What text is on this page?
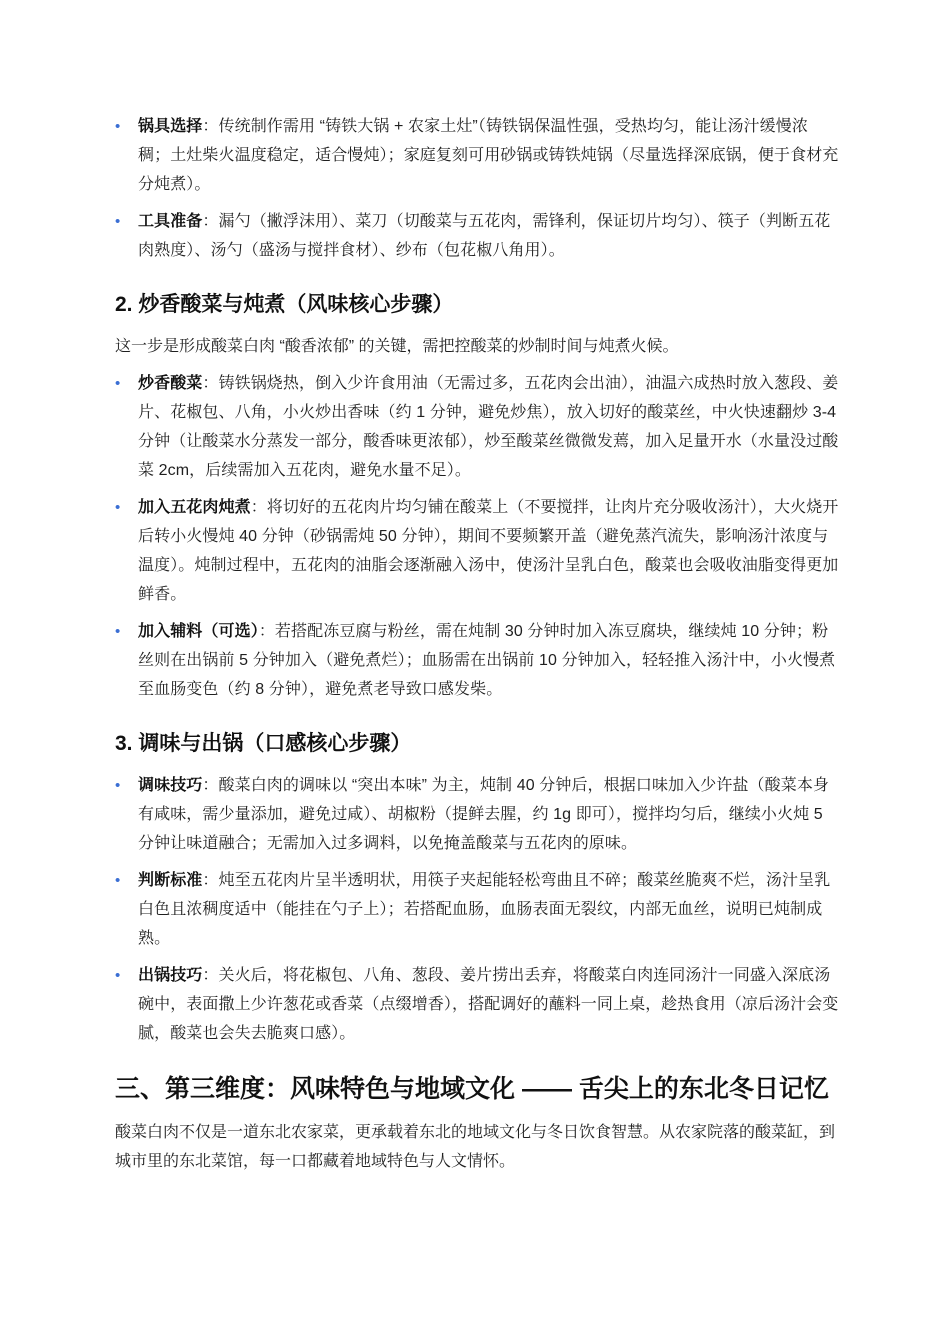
• 锅具选择：传统制作需用 “铸铁大锅 + 农家土灶”（铸铁锅保温性强，受热均匀，能让汤汁缓慢浓稠；土灶柴火温度稳定，适合慢炖）；家庭复刻可用砂锅或铸铁炖锅（尽量选择深底锅，便于食材充分炖煮）。
• 工具准备：漏勺（撇浮沫用）、菜刀（切酸菜与五花肉，需锋利，保证切片均匀）、筷子（判断五花肉熟度）、汤勺（盛汤与搅拌食材）、纱布（包花椒八角用）。
2. 炒香酸菜与炖煮（风味核心步骤）

这一步是形成酸菜白肉 “酸香浓郁” 的关键，需把控酸菜的炒制时间与炖煮火候。

• 炒香酸菜：铸铁锅烧热，倒入少许食用油（无需过多，五花肉会出油），油温六成热时放入葱段、姜片、花椒包、八角，小火炒出香味（约 1 分钟，避免炒焦），放入切好的酸菜丝，中火快速翻炒 3-4 分钟（让酸菜水分蒸发一部分，酸香味更浓郁），炒至酸菜丝微微发蔫，加入足量开水（水量没过酸菜 2cm，后续需加入五花肉，避免水量不足）。
• 加入五花肉炖煮：将切好的五花肉片均匀铺在酸菜上（不要搅拌，让肉片充分吸收汤汁），大火烧开后转小火慢炖 40 分钟（砂锅需炖 50 分钟），期间不要频繁开盖（避免蒸汽流失，影响汤汁浓度与温度）。炖制过程中，五花肉的油脂会逐渐融入汤中，使汤汁呈乳白色，酸菜也会吸收油脂变得更加鲜香。
• 加入辅料（可选）：若搭配冻豆腐与粉丝，需在炖制 30 分钟时加入冻豆腐块，继续炖 10 分钟；粉丝则在出锅前 5 分钟加入（避免煮烂）；血肠需在出锅前 10 分钟加入，轻轻推入汤汁中，小火慢煮至血肠变色（约 8 分钟），避免煮老导致口感发柴。
3. 调味与出锅（口感核心步骤）
• 调味技巧：酸菜白肉的调味以 “突出本味” 为主，炖制 40 分钟后，根据口味加入少许盐（酸菜本身有咸味，需少量添加，避免过咸）、胡椒粉（提鲜去腥，约 1g 即可），搅拌均匀后，继续小火炖 5 分钟让味道融合；无需加入过多调料，以免掩盖酸菜与五花肉的原味。
• 判断标准：炖至五花肉片呈半透明状，用筷子夹起能轻松弯曲且不碎；酸菜丝脆爽不烂，汤汁呈乳白色且浓稠度适中（能挂在勺子上）；若搭配血肠，血肠表面无裂纹，内部无血丝，说明已炖制成熟。
• 出锅技巧：关火后，将花椒包、八角、葱段、姜片捞出丢弃，将酸菜白肉连同汤汁一同盛入深底汤碗中，表面撒上少许葱花或香菜（点缀增香），搭配调好的蘸料一同上桌，趁热食用（凉后汤汁会变腻，酸菜也会失去脆爽口感）。
三、第三维度：风味特色与地域文化 —— 舌尖上的东北冬日记忆

酸菜白肉不仅是一道东北农家菜，更承载着东北的地域文化与冬日饮食智慧。从农家院落的酸菜缸，到城市里的东北菜馆，每一口都藏着地域特色与人文情怀。
